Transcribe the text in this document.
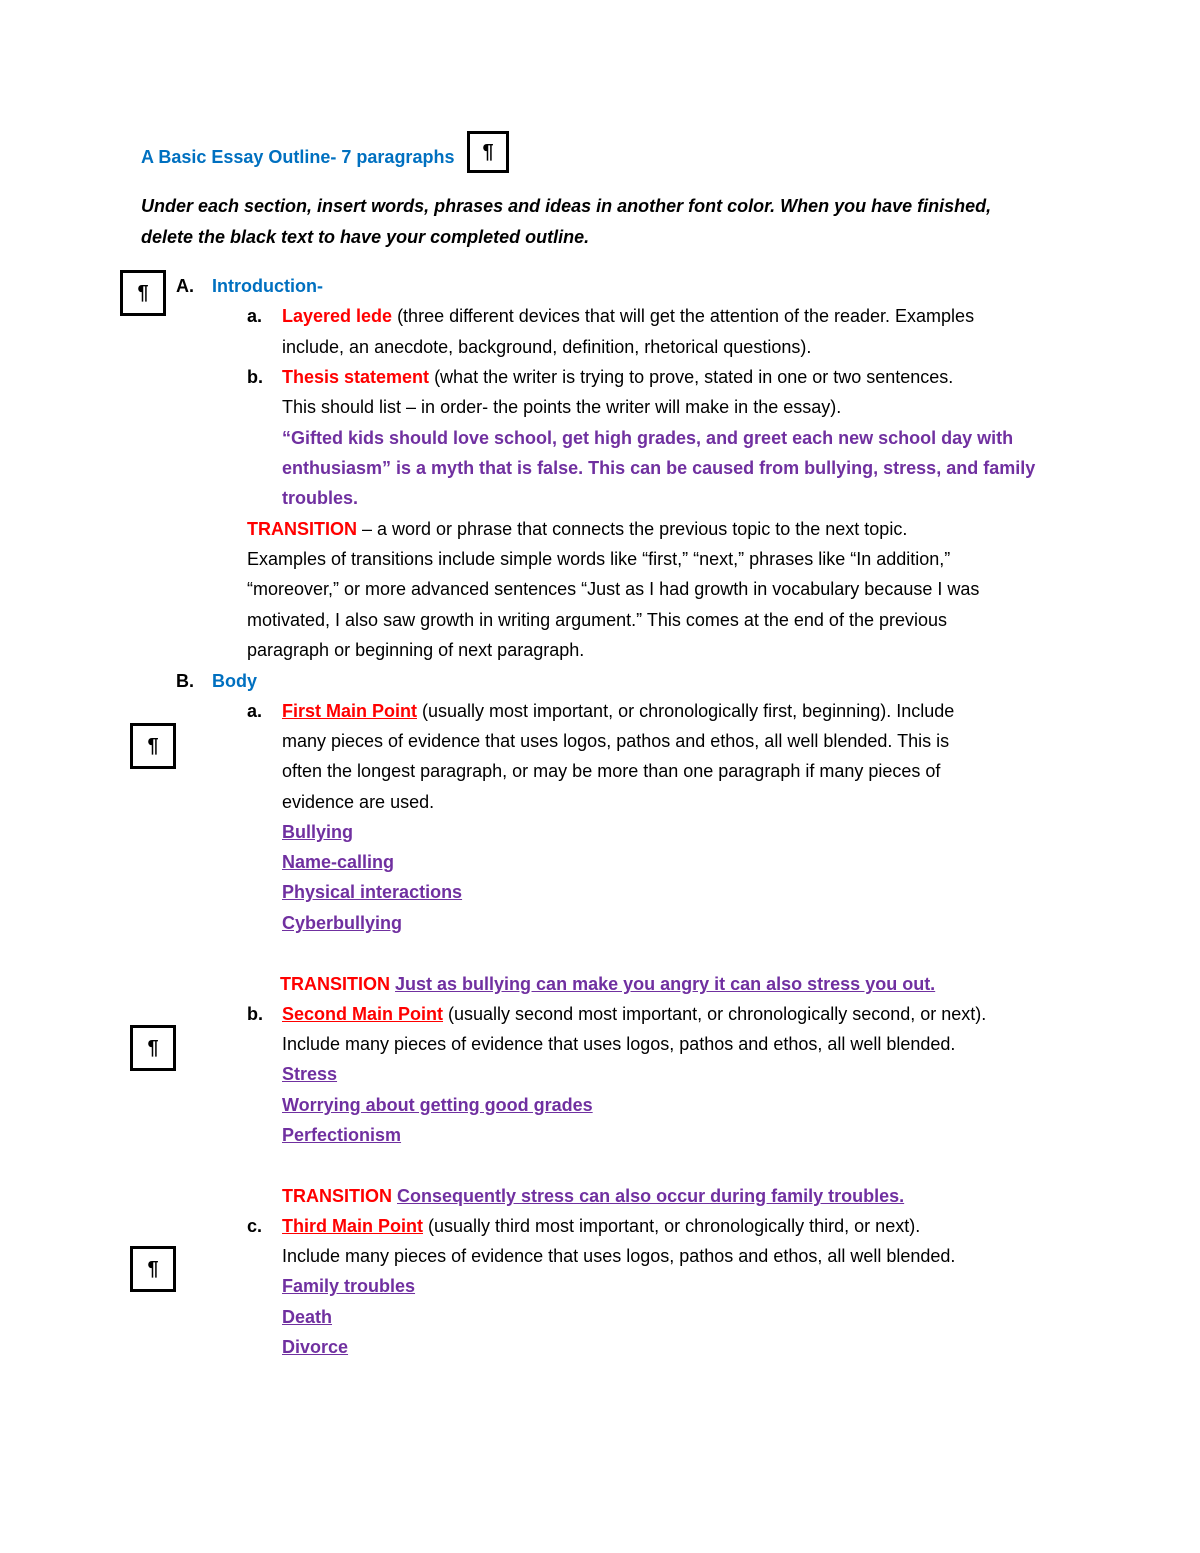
A Basic Essay Outline- 7 paragraphs	¶
Under each section, insert words, phrases and ideas in another font color. When you have finished,
delete the black text to have your completed outline.
¶	A. Introduction-
a. Layered lede (three different devices that will get the attention of the reader. Examples
include, an anecdote, background, definition, rhetorical questions).
b. Thesis statement (what the writer is trying to prove, stated in one or two sentences.
This should list – in order- the points the writer will make in the essay).
“Gifted kids should love school, get high grades, and greet each new school day with
enthusiasm” is a myth that is false. This can be caused from bullying, stress, and family
troubles.
TRANSITION – a word or phrase that connects the previous topic to the next topic.
Examples of transitions include simple words like “first,” “next,” phrases like “In addition,”
“moreover,” or more advanced sentences “Just as I had growth in vocabulary because I was
motivated, I also saw growth in writing argument.” This comes at the end of the previous
paragraph or beginning of next paragraph.
B. Body
¶
a. First Main Point (usually most important, or chronologically first, beginning). Include
many pieces of evidence that uses logos, pathos and ethos, all well blended. This is
often the longest paragraph, or may be more than one paragraph if many pieces of
evidence are used.
Bullying
Name-calling
Physical interactions
Cyberbullying
TRANSITION Just as bullying can make you angry it can also stress you out.
¶
b. Second Main Point (usually second most important, or chronologically second, or next).
Include many pieces of evidence that uses logos, pathos and ethos, all well blended.
Stress
Worrying about getting good grades
Perfectionism
TRANSITION Consequently stress can also occur during family troubles.
¶
c. Third Main Point (usually third most important, or chronologically third, or next).
Include many pieces of evidence that uses logos, pathos and ethos, all well blended.
Family troubles
Death
Divorce
